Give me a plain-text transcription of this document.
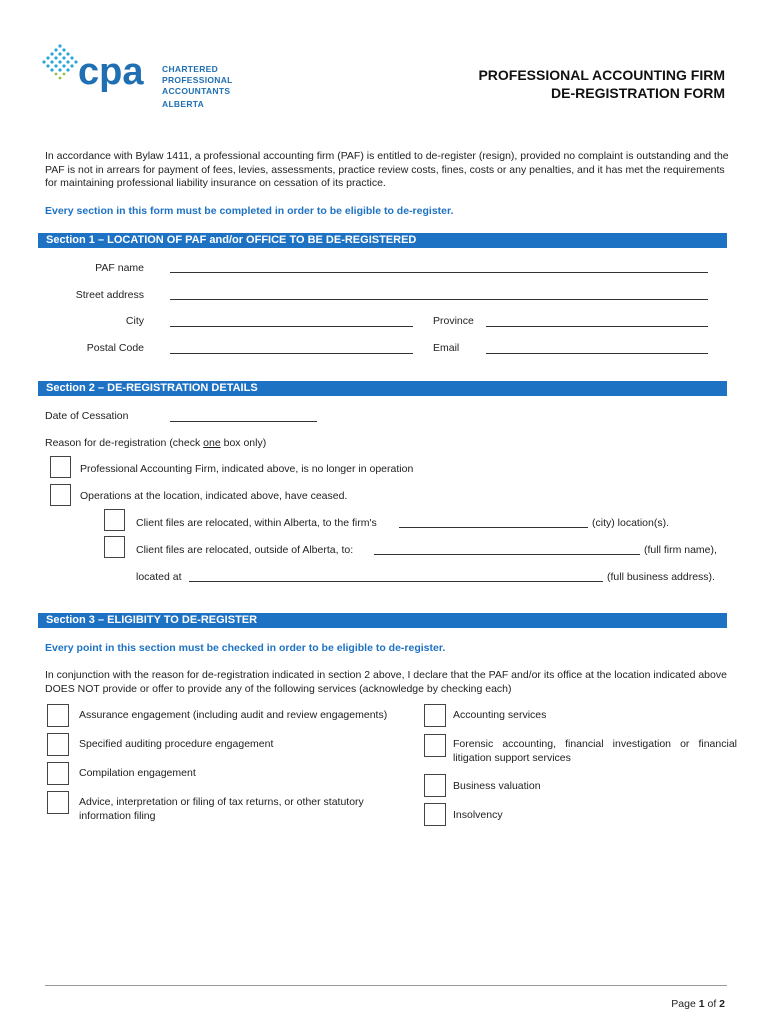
cpa CHARTERED
PROFESSIONAL
ACCOUNTANTS
ALBERTA
PROFESSIONAL ACCOUNTING FIRM
DE-REGISTRATION FORM
In accordance with Bylaw 1411, a professional accounting firm (PAF) is entitled to de-register (resign), provided no complaint is outstanding and the PAF is not in arrears for payment of fees, levies, assessments, practice review costs, fines, costs or any penalties, and it has met the requirements for maintaining professional liability insurance on cessation of its practice.
Every section in this form must be completed in order to be eligible to de-register.
Section 1 – LOCATION OF PAF and/or OFFICE TO BE DE-REGISTERED
PAF name
Street address
City	Province
Postal Code	Email
Section 2 – DE-REGISTRATION DETAILS
Date of Cessation
Reason for de-registration (check one box only)
Professional Accounting Firm, indicated above, is no longer in operation
Operations at the location, indicated above, have ceased.
Client files are relocated, within Alberta, to the firm's	(city) location(s).
Client files are relocated, outside of Alberta, to:	(full firm name),
located at	(full business address).
Section 3 – ELIGIBITY TO DE-REGISTER
Every point in this section must be checked in order to be eligible to de-register.
In conjunction with the reason for de-registration indicated in section 2 above, I declare that the PAF and/or its office at the location indicated above DOES NOT provide or offer to provide any of the following services (acknowledge by checking each)
Assurance engagement (including audit and review engagements)
Specified auditing procedure engagement
Compilation engagement
Advice, interpretation or filing of tax returns, or other statutory information filing
Accounting services
Forensic accounting, financial investigation or financial litigation support services
Business valuation
Insolvency
Page 1 of 2
